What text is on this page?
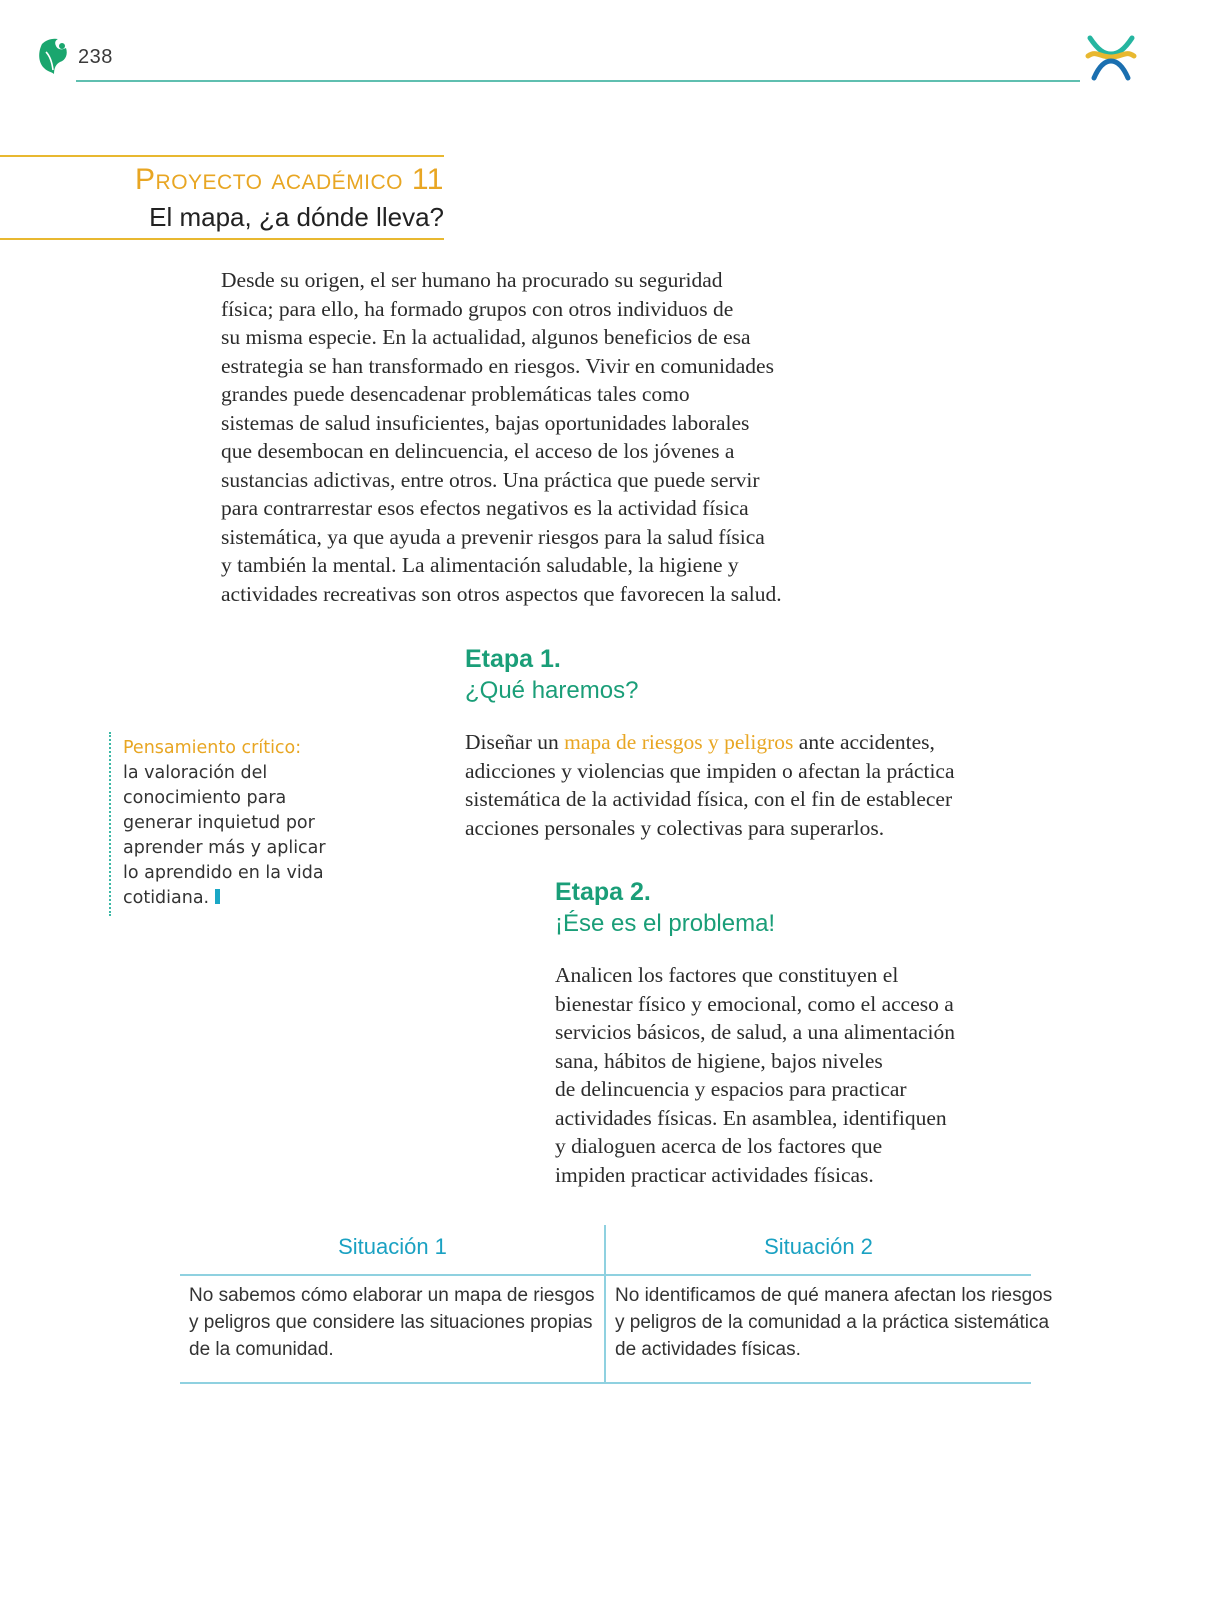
238
Proyecto académico 11
El mapa, ¿a dónde lleva?
Desde su origen, el ser humano ha procurado su seguridad
física; para ello, ha formado grupos con otros individuos de
su misma especie. En la actualidad, algunos beneficios de esa
estrategia se han transformado en riesgos. Vivir en comunidades
grandes puede desencadenar problemáticas tales como
sistemas de salud insuficientes, bajas oportunidades laborales
que desembocan en delincuencia, el acceso de los jóvenes a
sustancias adictivas, entre otros. Una práctica que puede servir
para contrarrestar esos efectos negativos es la actividad física
sistemática, ya que ayuda a prevenir riesgos para la salud física
y también la mental. La alimentación saludable, la higiene y
actividades recreativas son otros aspectos que favorecen la salud.
Etapa 1.
¿Qué haremos?
Diseñar un mapa de riesgos y peligros ante accidentes,
adicciones y violencias que impiden o afectan la práctica
sistemática de la actividad física, con el fin de establecer
acciones personales y colectivas para superarlos.
Pensamiento crítico:
la valoración del
conocimiento para
generar inquietud por
aprender más y aplicar
lo aprendido en la vida
cotidiana.	Etapa 2.
¡Ése es el problema!
Analicen los factores que constituyen el
bienestar físico y emocional, como el acceso a
servicios básicos, de salud, a una alimentación
sana, hábitos de higiene, bajos niveles
de delincuencia y espacios para practicar
actividades físicas. En asamblea, identifiquen
y dialoguen acerca de los factores que
impiden practicar actividades físicas.
Situación 1
No sabemos cómo elaborar un mapa de riesgos
y peligros que considere las situaciones propias
de la comunidad.
Situación 2
No identificamos de qué manera afectan los riesgos
y peligros de la comunidad a la práctica sistemática
de actividades físicas.
